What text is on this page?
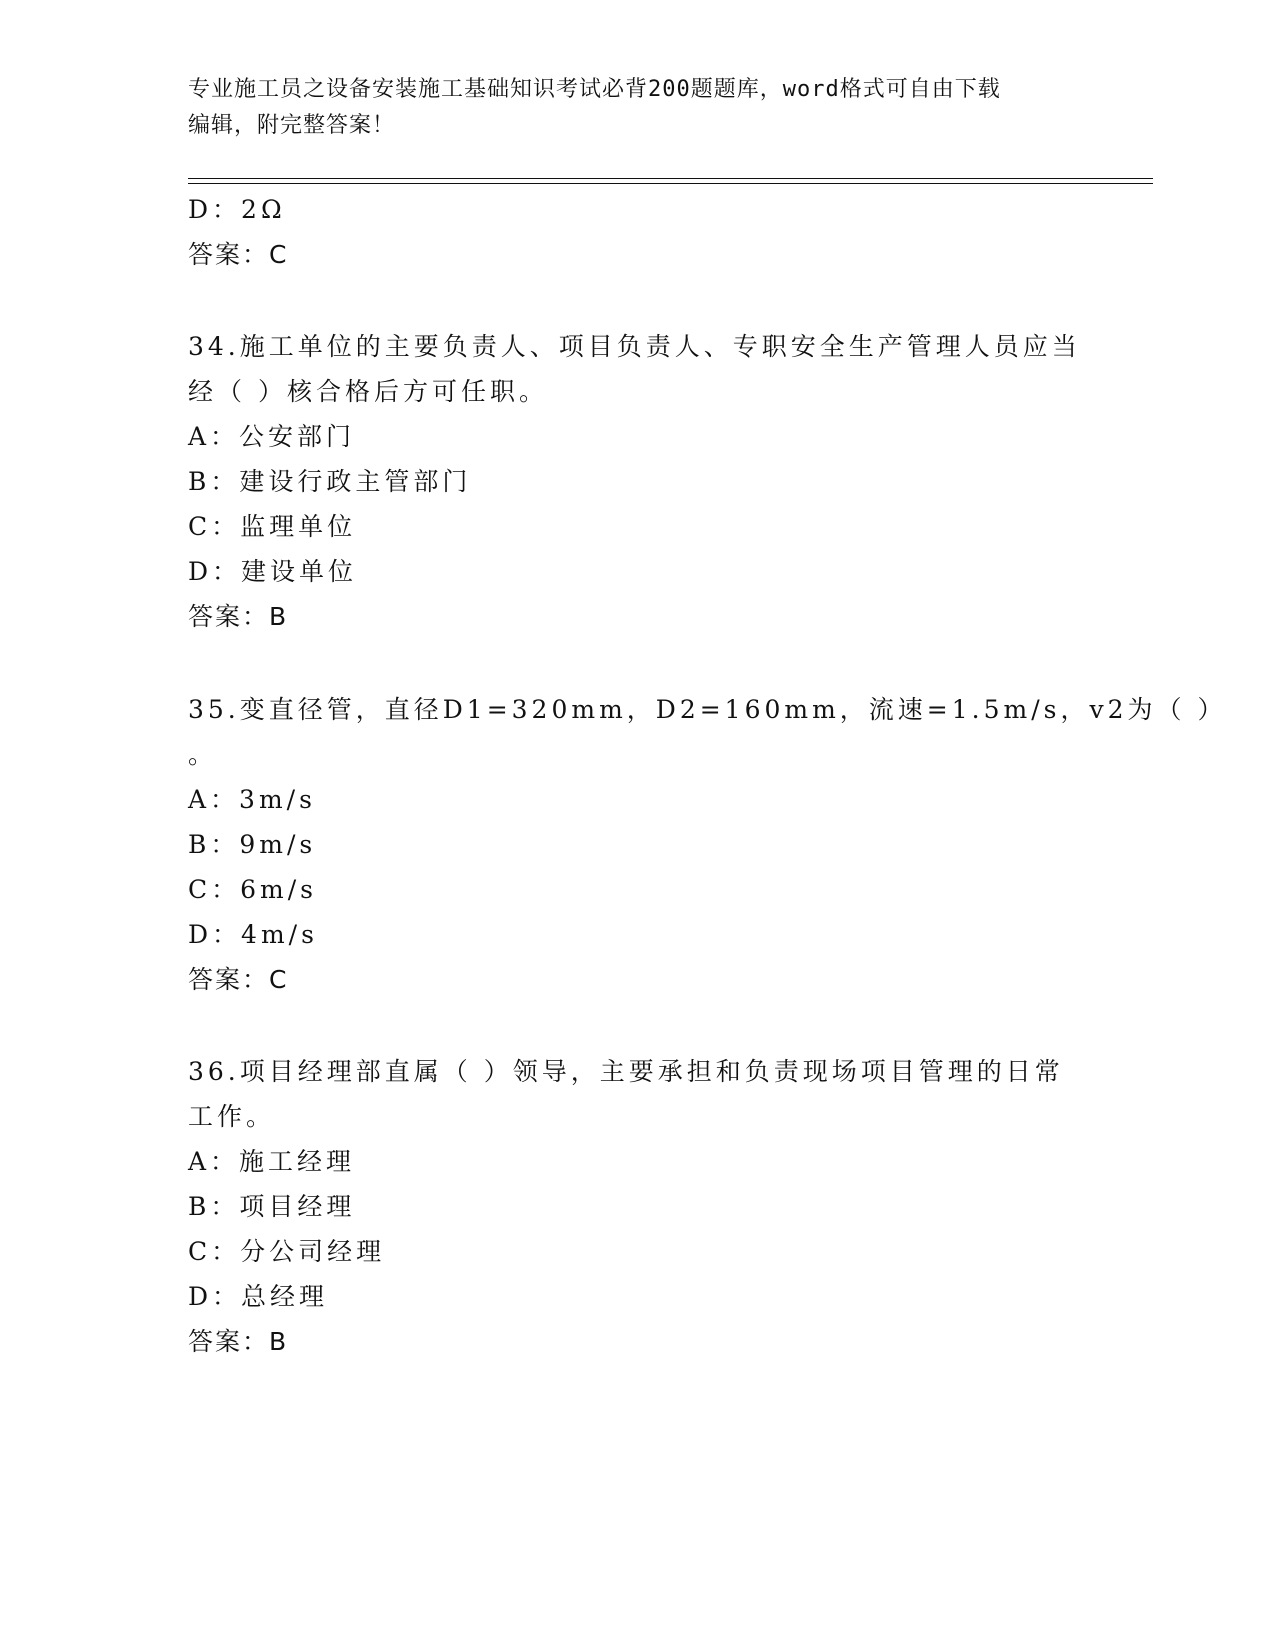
专业施工员之设备安装施工基础知识考试必背200题题库，word格式可自由下载
编辑，附完整答案！
D：2Ω
答案：C
34.施工单位的主要负责人、项目负责人、专职安全生产管理人员应当
经（ ）核合格后方可任职。
A：公安部门
B：建设行政主管部门
C：监理单位
D：建设单位
答案：B
35.变直径管，直径D1=320mm，D2=160mm，流速=1.5m/s，v2为（ ）
。
A：3m/s
B：9m/s
C：6m/s
D：4m/s
答案：C
36.项目经理部直属（ ）领导，主要承担和负责现场项目管理的日常
工作。
A：施工经理
B：项目经理
C：分公司经理
D：总经理
答案：B
